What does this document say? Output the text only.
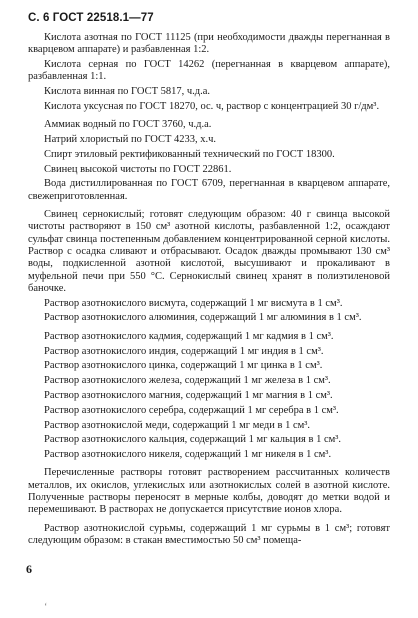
С. 6 ГОСТ 22518.1—77

Кислота азотная по ГОСТ 11125 (при необходимости дважды перегнанная в кварцевом аппарате) и разбавленная 1:2.

Кислота серная по ГОСТ 14262 (перегнанная в кварцевом аппарате), разбавленная 1:1.

Кислота винная по ГОСТ 5817, ч.д.а.

Кислота уксусная по ГОСТ 18270, ос. ч, раствор с концентрацией 30 г/дм³.

Аммиак водный по ГОСТ 3760, ч.д.а.

Натрий хлористый по ГОСТ 4233, х.ч.

Спирт этиловый ректификованный технический по ГОСТ 18300.

Свинец высокой чистоты по ГОСТ 22861.

Вода дистиллированная по ГОСТ 6709, перегнанная в кварцевом аппарате, свежеприготовленная.

Свинец сернокислый; готовят следующим образом: 40 г свинца высокой чистоты растворяют в 150 см³ азотной кислоты, разбавленной 1:2, осаждают сульфат свинца постепенным добавлением концентрированной серной кислоты. Раствор с осадка сливают и отбрасывают. Осадок дважды промывают 130 см³ воды, подкисленной азотной кислотой, высушивают и прокаливают в муфельной печи при 550 °С. Сернокислый свинец хранят в полиэтиленовой баночке.

Раствор азотнокислого висмута, содержащий 1 мг висмута в 1 см³.

Раствор азотнокислого алюминия, содержащий 1 мг алюминия в 1 см³.

Раствор азотнокислого кадмия, содержащий 1 мг кадмия в 1 см³.

Раствор азотнокислого индия, содержащий 1 мг индия в 1 см³.

Раствор азотнокислого цинка, содержащий 1 мг цинка в 1 см³.

Раствор азотнокислого железа, содержащий 1 мг железа в 1 см³.

Раствор азотнокислого магния, содержащий 1 мг магния в 1 см³.

Раствор азотнокислого серебра, содержащий 1 мг серебра в 1 см³.

Раствор азотнокислой меди, содержащий 1 мг меди в 1 см³.

Раствор азотнокислого кальция, содержащий 1 мг кальция в 1 см³.

Раствор азотнокислого никеля, содержащий 1 мг никеля в 1 см³.

Перечисленные растворы готовят растворением рассчитанных количеств металлов, их окислов, углекислых или азотнокислых солей в азотной кислоте. Полученные растворы переносят в мерные колбы, доводят до метки водой и перемешивают. В растворах не допускается присутствие ионов хлора.

Раствор азотнокислой сурьмы, содержащий 1 мг сурьмы в 1 см³; готовят следующим образом: в стакан вместимостью 50 см³ помеща-

6
‘
